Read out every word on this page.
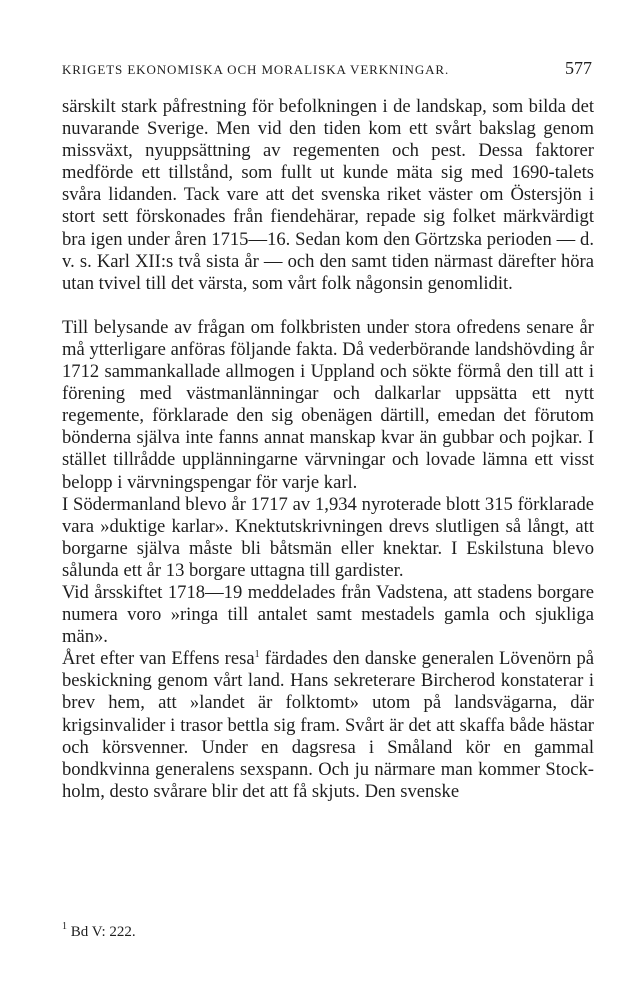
KRIGETS EKONOMISKA OCH MORALISKA VERKNINGAR.	577

särskilt stark påfrestning för befolkningen i de landskap, som bilda det nuvarande Sverige. Men vid den tiden kom ett svårt bakslag genom missväxt, nyuppsättning av regementen och pest. Dessa faktorer medförde ett tillstånd, som fullt ut kunde mäta sig med 1690-talets svåra lidanden. Tack vare att det svenska riket väster om Östersjön i stort sett förskonades från fiendehärar, repade sig folket märkvärdigt bra igen under åren 1715—16. Sedan kom den Görtzska perioden — d. v. s. Karl XII:s två sista år — och den samt tiden närmast därefter höra utan tvivel till det värsta, som vårt folk någonsin genomlidit.

Till belysande av frågan om folkbristen under stora ofredens senare år må ytterligare anföras följande fakta. Då vederbörande landshövding år 1712 sammankallade allmogen i Uppland och sökte förmå den till att i förening med västmanlänningar och dalkarlar uppsätta ett nytt regemente, förklarade den sig obenägen därtill, emedan det förutom bönderna själva inte fanns annat manskap kvar än gubbar och pojkar. I stället tillrådde upplänningarne värvningar och lovade lämna ett visst belopp i värvningspengar för varje karl.

I Södermanland blevo år 1717 av 1,934 nyroterade blott 315 förklarade vara »duktige karlar». Knektutskrivningen drevs slutligen så långt, att borgarne själva måste bli båtsmän eller knektar. I Eskilstuna blevo sålunda ett år 13 borgare uttagna till gardister.

Vid årsskiftet 1718—19 meddelades från Vadstena, att stadens borgare numera voro »ringa till antalet samt mestadels gamla och sjukliga män».

Året efter van Effens resa$^1$ färdades den danske generalen Lövenörn på beskickning genom vårt land. Hans sekreterare Bircherod konstaterar i brev hem, att »landet är folktomt» utom på landsvägarna, där krigsinvalider i trasor bettla sig fram. Svårt är det att skaffa både hästar och körsvenner. Under en dagsresa i Småland kör en gammal bondkvinna generalens sexspann. Och ju närmare man kommer Stockholm, desto svårare blir det att få skjuts. Den svenske

$^1$ Bd V: 222.
